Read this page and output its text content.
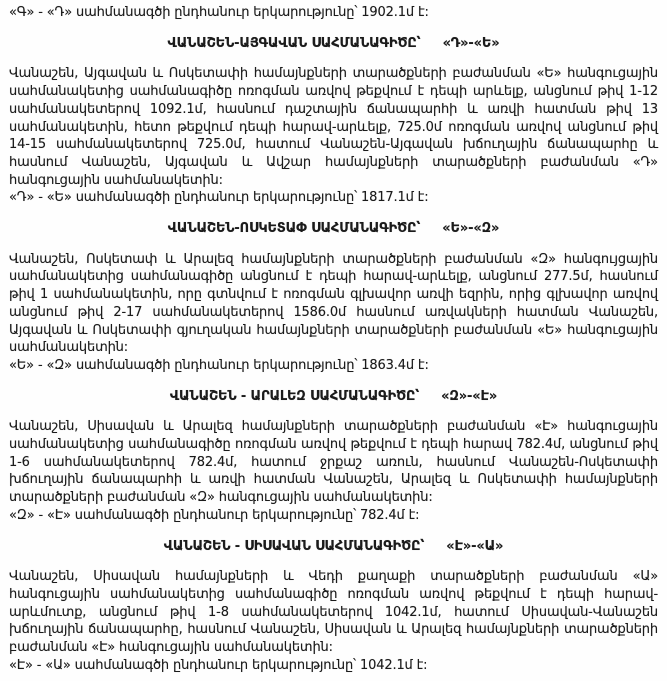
«Գ» - «Դ» սահմանագծի ընդհանուր երկարությունը՝ 1902.1մ է:
ՎԱՆԱՇԵՆ-ԱՅԳԱՎԱՆ ՍԱՀՄԱՆԱԳԻԾԸ՝ «Դ»-«Ե»
Վանաշեն, Այգավան և Ոսկետափի համայնքների տարածքների բաժանման «Ե» հանգուցային սահմանակետից սահմանագիծը ոռոգման առվով թեքվում է դեպի արևելք, անցնում թիվ 1-12 սահմանակետերով 1092.1մ, հասնում դաշտային ճանապարհի և առվի հատման թիվ 13 սահմանակետին, հետո թեքվում դեպի հարավ-արևելք, 725.0մ ոռոգման առվով անցնում թիվ 14-15 սահմանակետերով 725.0մ, հատում Վանաշեն-Այգավան խճուղային ճանապարհը և հասնում Վանաշեն, Այգավան և Ավշար համայնքների տարածքների բաժանման «Դ» հանգուցային սահմանակետին:
«Դ» - «Ե» սահմանագծի ընդհանուր երկարությունը՝ 1817.1մ է:
ՎԱՆԱՇԵՆ-ՈՍԿԵՏԱՓ ՍԱՀՄԱՆԱԳԻԾԸ՝ «Ե»-«Զ»
Վանաշեն, Ոսկետափ և Արալեզ համայնքների տարածքների բաժանման «Զ» հանգույցային սահմանակետից սահմանագիծը անցնում է դեպի հարավ-արևելք, անցնում 277.5մ, հասնում թիվ 1 սահմանակետին, որը գտնվում է ոռոգման գլխավոր առվի եզրին, որից գլխավոր առվով անցնում թիվ 2-17 սահմանակետերով 1586.0մ հասնում առվակների հատման Վանաշեն, Այգավան և Ոսկետափի գյուղական համայնքների տարածքների բաժանման «Ե» հանգուցային սահմանակետին:
«Ե» - «Զ» սահմանագծի ընդհանուր երկարությունը՝ 1863.4մ է:
ՎԱՆԱՇԵՆ - ԱՐԱԼԵԶ ՍԱՀՄԱՆԱԳԻԾԸ՝ «Զ»-«Է»
Վանաշեն, Սիսավան և Արալեզ համայնքների տարածքների բաժանման «Է» հանգուցային սահմանակետից սահմանագիծը ոռոգման առվով թեքվում է դեպի հարավ 782.4մ, անցնում թիվ 1-6 սահմանակետերով 782.4մ, հատում ջրքաշ առուն, հասնում Վանաշեն-Ոսկետափի խճուղային ճանապարհի և առվի հատման Վանաշեն, Արալեզ և Ոսկետափի համայնքների տարածքների բաժանման «Զ» հանգուցային սահմանակետին:
«Զ» - «Է» սահմանագծի ընդհանուր երկարությունը՝ 782.4մ է:
ՎԱՆԱՇԵՆ - ՍԻՍԱՎԱՆ ՍԱՀՄԱՆԱԳԻԾԸ՝ «Է»-«Ա»
Վանաշեն, Սիսավան համայնքների և Վեդի քաղաքի տարածքների բաժանման «Ա» հանգուցային սահմանակետից սահմանագիծը ոռոգման առվով թեքվում է դեպի հարավ-արևմուտք, անցնում թիվ 1-8 սահմանակետերով 1042.1մ, հատում Սիսավան-Վանաշեն խճուղային ճանապարհը, հասնում Վանաշեն, Սիսավան և Արալեզ համայնքների տարածքների բաժանման «Է» հանգուցային սահմանակետին:
«Է» - «Ա» սահմանագծի ընդհանուր երկարությունը՝ 1042.1մ է:
